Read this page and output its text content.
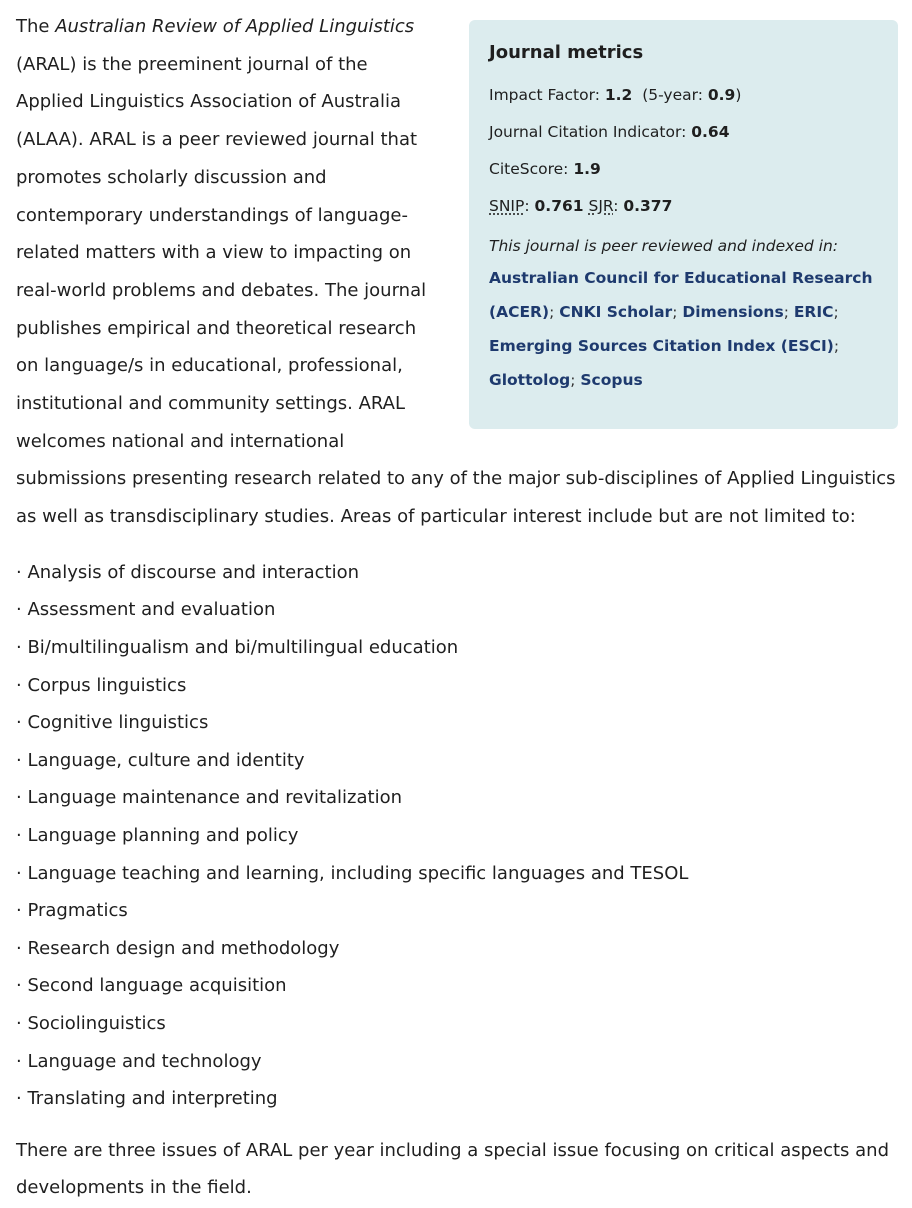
Journal metrics

Impact Factor: 1.2 (5-year: 0.9)

Journal Citation Indicator: 0.64

CiteScore: 1.9

SNIP: 0.761 SJR: 0.377

This journal is peer reviewed and indexed in:

Australian Council for Educational Research (ACER); CNKI Scholar; Dimensions; ERIC; Emerging Sources Citation Index (ESCI); Glottolog; Scopus

The Australian Review of Applied Linguistics (ARAL) is the preeminent journal of the Applied Linguistics Association of Australia (ALAA). ARAL is a peer reviewed journal that promotes scholarly discussion and contemporary understandings of language-related matters with a view to impacting on real-world problems and debates. The journal publishes empirical and theoretical research on language/s in educational, professional, institutional and community settings. ARAL welcomes national and international submissions presenting research related to any of the major sub-disciplines of Applied Linguistics as well as transdisciplinary studies. Areas of particular interest include but are not limited to:

· Analysis of discourse and interaction
· Assessment and evaluation
· Bi/multilingualism and bi/multilingual education
· Corpus linguistics
· Cognitive linguistics
· Language, culture and identity
· Language maintenance and revitalization
· Language planning and policy
· Language teaching and learning, including specific languages and TESOL
· Pragmatics
· Research design and methodology
· Second language acquisition
· Sociolinguistics
· Language and technology
· Translating and interpreting

There are three issues of ARAL per year including a special issue focusing on critical aspects and developments in the field.
